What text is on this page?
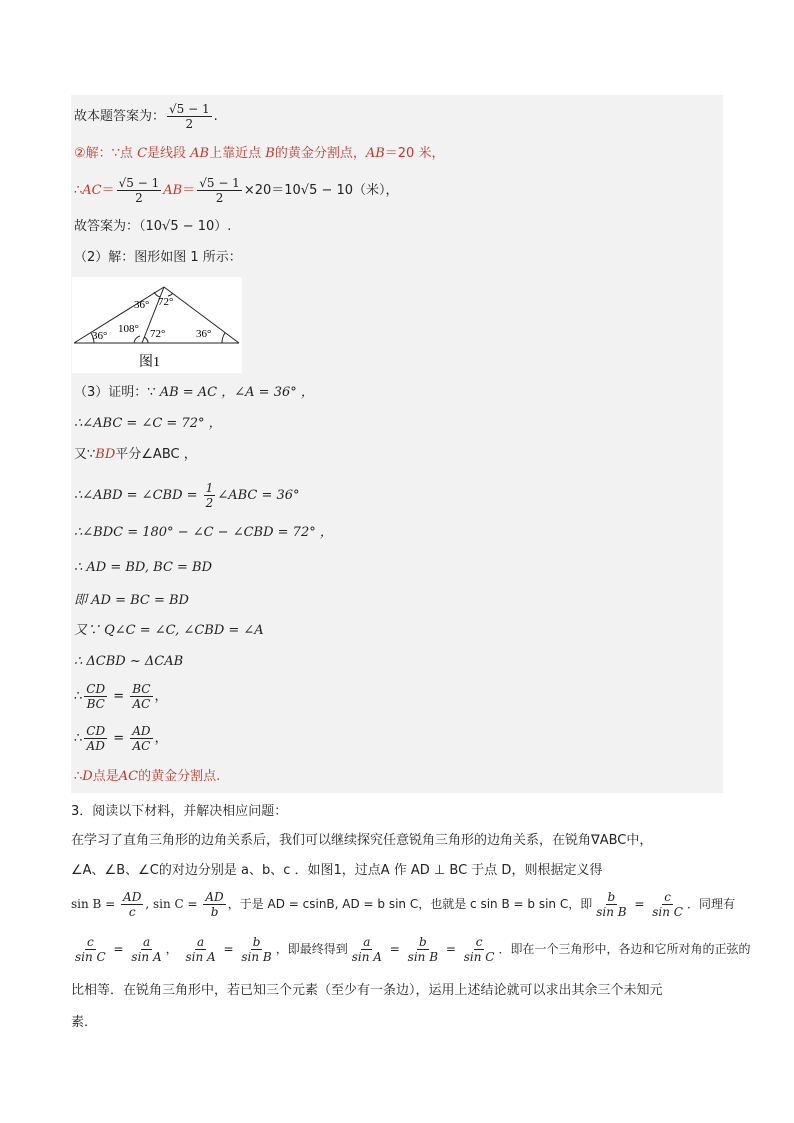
故本题答案为： $\frac{√5 - 1}{2}$ .
②解：∵点 C是线段 AB上靠近点 B的黄金分割点，AB＝20 米，
∴AC＝ $\frac{√5 - 1}{2} AB= \frac{√5 - 1}{2} \times 20=10√5 - 10$（米），
故答案为：（10√5 − 10）.
（2）解：图形如图 1 所示：
36° 72°
36°
108° 72°	36°
图1
（3）证明：∵ AB = AC ，∠A = 36° ，
∴∠ABC = ∠C = 72° ，
又∵BD平分∠ABC ，
∴∠ABD = ∠CBD = $\frac{1}{2}$ ∠ABC = 36°
∴∠BDC = 180° − ∠C − ∠CBD = 72° ，
∴ AD = BD, BC = BD
即 AD = BC = BD
又∵ Q∠C = ∠C, ∠CBD = ∠A
∴ ΔCBD ~ ΔCAB
∴ $\frac{CD}{BC} = \frac{BC}{AC}$ ，
∴ $\frac{CD}{AD} = \frac{AD}{AC}$ ，
∴D点是AC的黄金分割点.
3．阅读以下材料，并解决相应问题：
在学习了直角三角形的边角关系后，我们可以继续探究任意锐角三角形的边角关系，在锐角∇ABC中，
∠A、∠B、∠C的对边分别是 a、b、c ．如图1，过点A 作 AD ⊥ BC 于点 D，则根据定义得
$\sin B = \frac{AD}{c}$ , $\sin C = \frac{AD}{b}$ ，于是 AD = csinB, AD = b sin C，也就是 c sin B = b sin C，即 $\frac{b}{\text{sin B}} = \frac{c}{\text{sin C}}$ ．同理有
$\frac{c}{\text{sin C}} = \frac{a}{\text{sin A}}$ ， $\frac{a}{\text{sin A}} = \frac{b}{\text{sin B}}$ ，即最终得到 $\frac{a}{\text{sin A}} = \frac{b}{\text{sin B}} = \frac{c}{\text{sin C}}$ ．即在一个三角形中，各边和它所对角的正弦的
比相等．在锐角三角形中，若已知三个元素（至少有一条边），运用上述结论就可以求出其余三个未知元
素．
